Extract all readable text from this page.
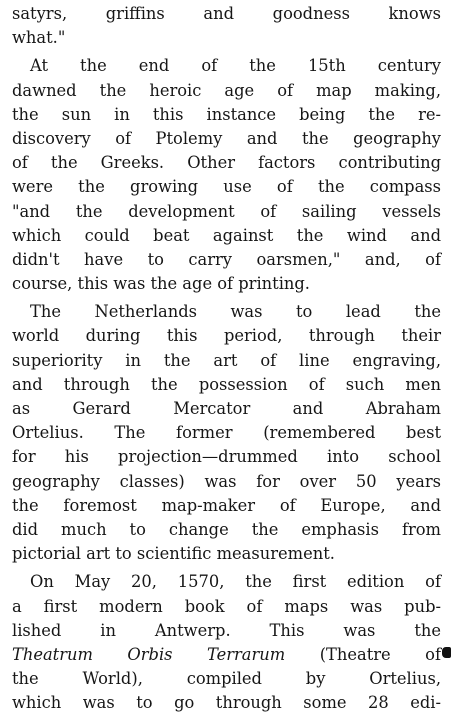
satyrs, griffins and goodness knows
what."
At the end of the 15th century
dawned the heroic age of map making,
the sun in this instance being the re-
discovery of Ptolemy and the geography
of the Greeks. Other factors contributing
were the growing use of the compass
"and the development of sailing vessels
which could beat against the wind and
didn't have to carry oarsmen," and, of
course, this was the age of printing.
The Netherlands was to lead the
world during this period, through their
superiority in the art of line engraving,
and through the possession of such men
as Gerard Mercator and Abraham
Ortelius. The former (remembered best
for his projection—drummed into school
geography classes) was for over 50 years
the foremost map-maker of Europe, and
did much to change the emphasis from
pictorial art to scientific measurement.
On May 20, 1570, the first edition of
a first modern book of maps was pub-
lished in Antwerp. This was the
Theatrum Orbis Terrarum (Theatre of
the World), compiled by Ortelius,
which was to go through some 28 edi-
